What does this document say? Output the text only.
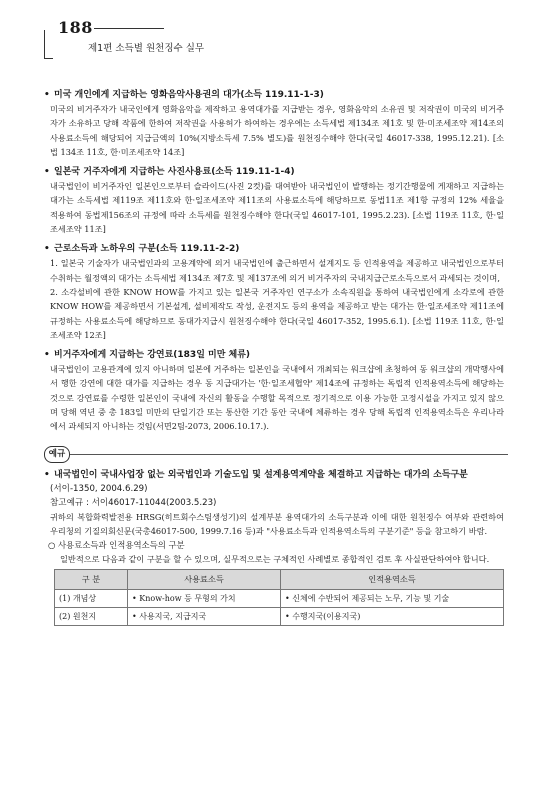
188
제1편 소득별 원천징수 실무
• 미국 개인에게 지급하는 영화음악사용권의 대가(소득 119.11-1-3)
미국의 비거주자가 내국인에게 영화음악을 제작하고 용역대가를 지급받는 경우, 영화음악의 소유권 및 저작권이 미국의 비거주자가 소유하고 당해 작품에 한하여 저작권을 사용허가 하여하는 경우에는 소득세법 제134조 제1호 및 한·미조세조약 제14조의 사용료소득에 해당되어 지급금액의 10%(지방소득세 7.5% 별도)를 원천징수해야 한다(국일 46017-338, 1995.12.21). [소법 134조 11호, 한·미조세조약 14조]
• 일본국 거주자에게 지급하는 사진사용료(소득 119.11-1-4)
내국법인이 비거주자인 일본인으로부터 슬라이드(사진 2컷)를 대여받아 내국법인이 발행하는 정기간행물에 게재하고 지급하는 대가는 소득세법 제119조 제11호와 한·일조세조약 제11조의 사용료소득에 해당하므로 동법11조 제1항 규정의 12% 세율을 적용하여 동법제156조의 규정에 따라 소득세를 원천징수해야 한다(국일 46017-101, 1995.2.23). [소법 119조 11호, 한·일조세조약 11조]
• 근로소득과 노하우의 구분(소득 119.11-2-2)
1. 일본국 기술자가 내국법인과의 고용계약에 의거 내국법인에 출근하면서 설계지도 등 인적용역을 제공하고 내국법인으로부터 수취하는 월정액의 대가는 소득세법 제134조 제7호 및 제137조에 의거 비거주자의 국내지급근로소득으로서 과세되는 것이며,
2. 소각설비에 관한 KNOW HOW를 가지고 있는 일본국 거주자인 연구소가 소속직원을 통하여 내국법인에게 소각로에 관한 KNOW HOW를 제공하면서 기본설계, 설비제작도 작성, 운전지도 등의 용역을 제공하고 받는 대가는 한·일조세조약 제11조에 규정하는 사용료소득에 해당하므로 동대가지급시 원천징수해야 한다(국일 46017-352, 1995.6.1). [소법 119조 11호, 한·일조세조약 12조]
• 비거주자에게 지급하는 강연료(183일 미만 체류)
내국법인이 고용관계에 있지 아니하며 일본에 거주하는 일본인을 국내에서 개최되는 워크샵에 초청하여 동 워크샵의 개막행사에서 행한 강연에 대한 대가를 지급하는 경우 동 지급대가는 '한·일조세협약' 제14조에 규정하는 독립적 인적용역소득에 해당하는 것으로 강연료를 수령한 일본인이 국내에 자신의 활동을 수행할 목적으로 정기적으로 이용 가능한 고정시설을 가지고 있지 않으며 당해 역년 중 총 183일 미만의 단일기간 또는 통산한 기간 동안 국내에 체류하는 경우 당해 독립적 인적용역소득은 우리나라에서 과세되지 아니하는 것임(서면2팀-2073, 2006.10.17.).
예규
• 내국법인이 국내사업장 없는 외국법인과 기술도입 및 설계용역계약을 체결하고 지급하는 대가의 소득구분
(서이-1350, 2004.6.29)
참고예규 : 서이46017-11044(2003.5.23)
귀하의 복합화력발전용 HRSG(히트회수스팀생성기)의 설계부분 용역대가의 소득구분과 이에 대한 원천징수 여부와 관련하여 우리청의 기질의회신문(국총46017-500, 1999.7.16 등)과 "사용료소득과 인적용역소득의 구분기준" 등을 참고하기 바람.
○ 사용료소득과 인적용역소득의 구분
일반적으로 다음과 같이 구분을 할 수 있으며, 실무적으로는 구체적인 사례별로 종합적인 검토 후 사실판단하여야 합니다.
구 분	사용료소득	인적용역소득
(1) 개념상	• Know-how 등 무형의 가치	• 신체에 수반되어 제공되는 노무, 기능 및 기술
(2) 원천지	• 사용지국, 지급지국	• 수행지국(이용지국)
